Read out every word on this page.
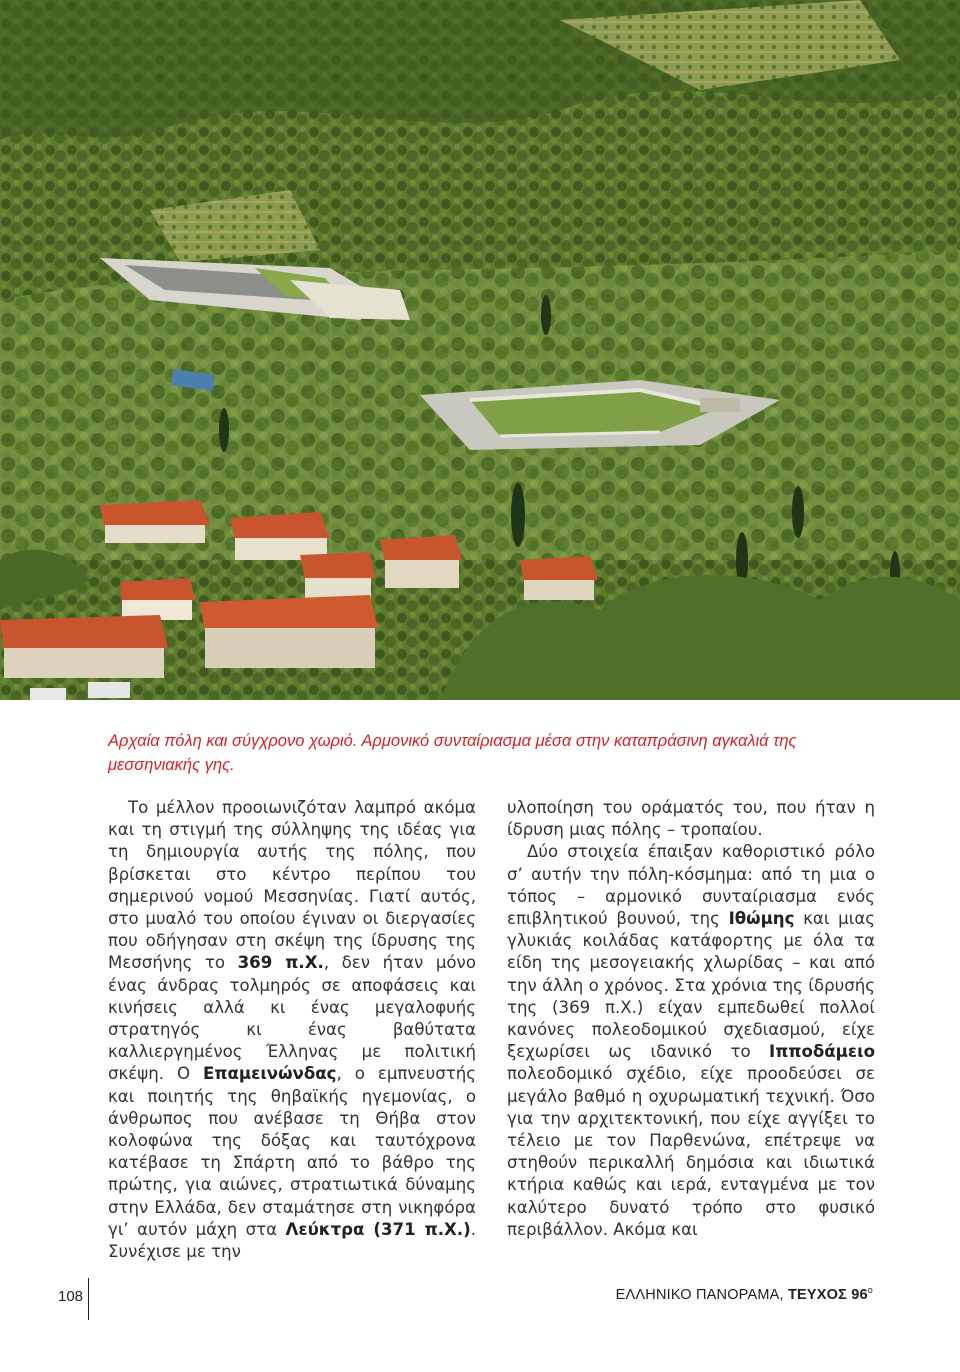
Αρχαία πόλη και σύγχρονο χωριό. Αρμονικό συνταίριασμα μέσα στην καταπράσινη αγκαλιά της μεσσηνιακής γης.

Το μέλλον προοιωνιζόταν λαμπρό ακόμα και τη στιγμή της σύλληψης της ιδέας για τη δημιουργία αυτής της πόλης, που βρίσκεται στο κέντρο περίπου του σημερινού νομού Μεσσηνίας. Γιατί αυτός, στο μυαλό του οποίου έγιναν οι διεργασίες που οδήγησαν στη σκέψη της ίδρυσης της Μεσσήνης το 369 π.Χ., δεν ήταν μόνο ένας άνδρας τολμηρός σε αποφάσεις και κινήσεις αλλά κι ένας μεγαλοφυής στρατηγός κι ένας βαθύτατα καλλιεργημένος Έλληνας με πολιτική σκέψη. Ο Επαμεινώνδας, ο εμπνευστής και ποιητής της θηβαϊκής ηγεμονίας, ο άνθρωπος που ανέβασε τη Θήβα στον κολοφώνα της δόξας και ταυτόχρονα κατέβασε τη Σπάρτη από το βάθρο της πρώτης, για αιώνες, στρατιωτικά δύναμης στην Ελλάδα, δεν σταμάτησε στη νικηφόρα γι’ αυτόν μάχη στα Λεύκτρα (371 π.Χ.). Συνέχισε με την

υλοποίηση του οράματός του, που ήταν η ίδρυση μιας πόλης – τροπαίου.

Δύο στοιχεία έπαιξαν καθοριστικό ρόλο σ’ αυτήν την πόλη-κόσμημα: από τη μια ο τόπος – αρμονικό συνταίριασμα ενός επιβλητικού βουνού, της Ιθώμης και μιας γλυκιάς κοιλάδας κατάφορτης με όλα τα είδη της μεσογειακής χλωρίδας – και από την άλλη ο χρόνος. Στα χρόνια της ίδρυσής της (369 π.Χ.) είχαν εμπεδωθεί πολλοί κανόνες πολεοδομικού σχεδιασμού, είχε ξεχωρίσει ως ιδανικό το Ιπποδάμειο πολεοδομικό σχέδιο, είχε προοδεύσει σε μεγάλο βαθμό η οχυρωματική τεχνική. Όσο για την αρχιτεκτονική, που είχε αγγίξει το τέλειο με τον Παρθενώνα, επέτρεψε να στηθούν περικαλλή δημόσια και ιδιωτικά κτήρια καθώς και ιερά, ενταγμένα με τον καλύτερο δυνατό τρόπο στο φυσικό περιβάλλον. Ακόμα και

108	ΕΛΛΗΝΙΚΟ ΠΑΝΟΡΑΜΑ, ΤΕΥΧΟΣ $96^o$
